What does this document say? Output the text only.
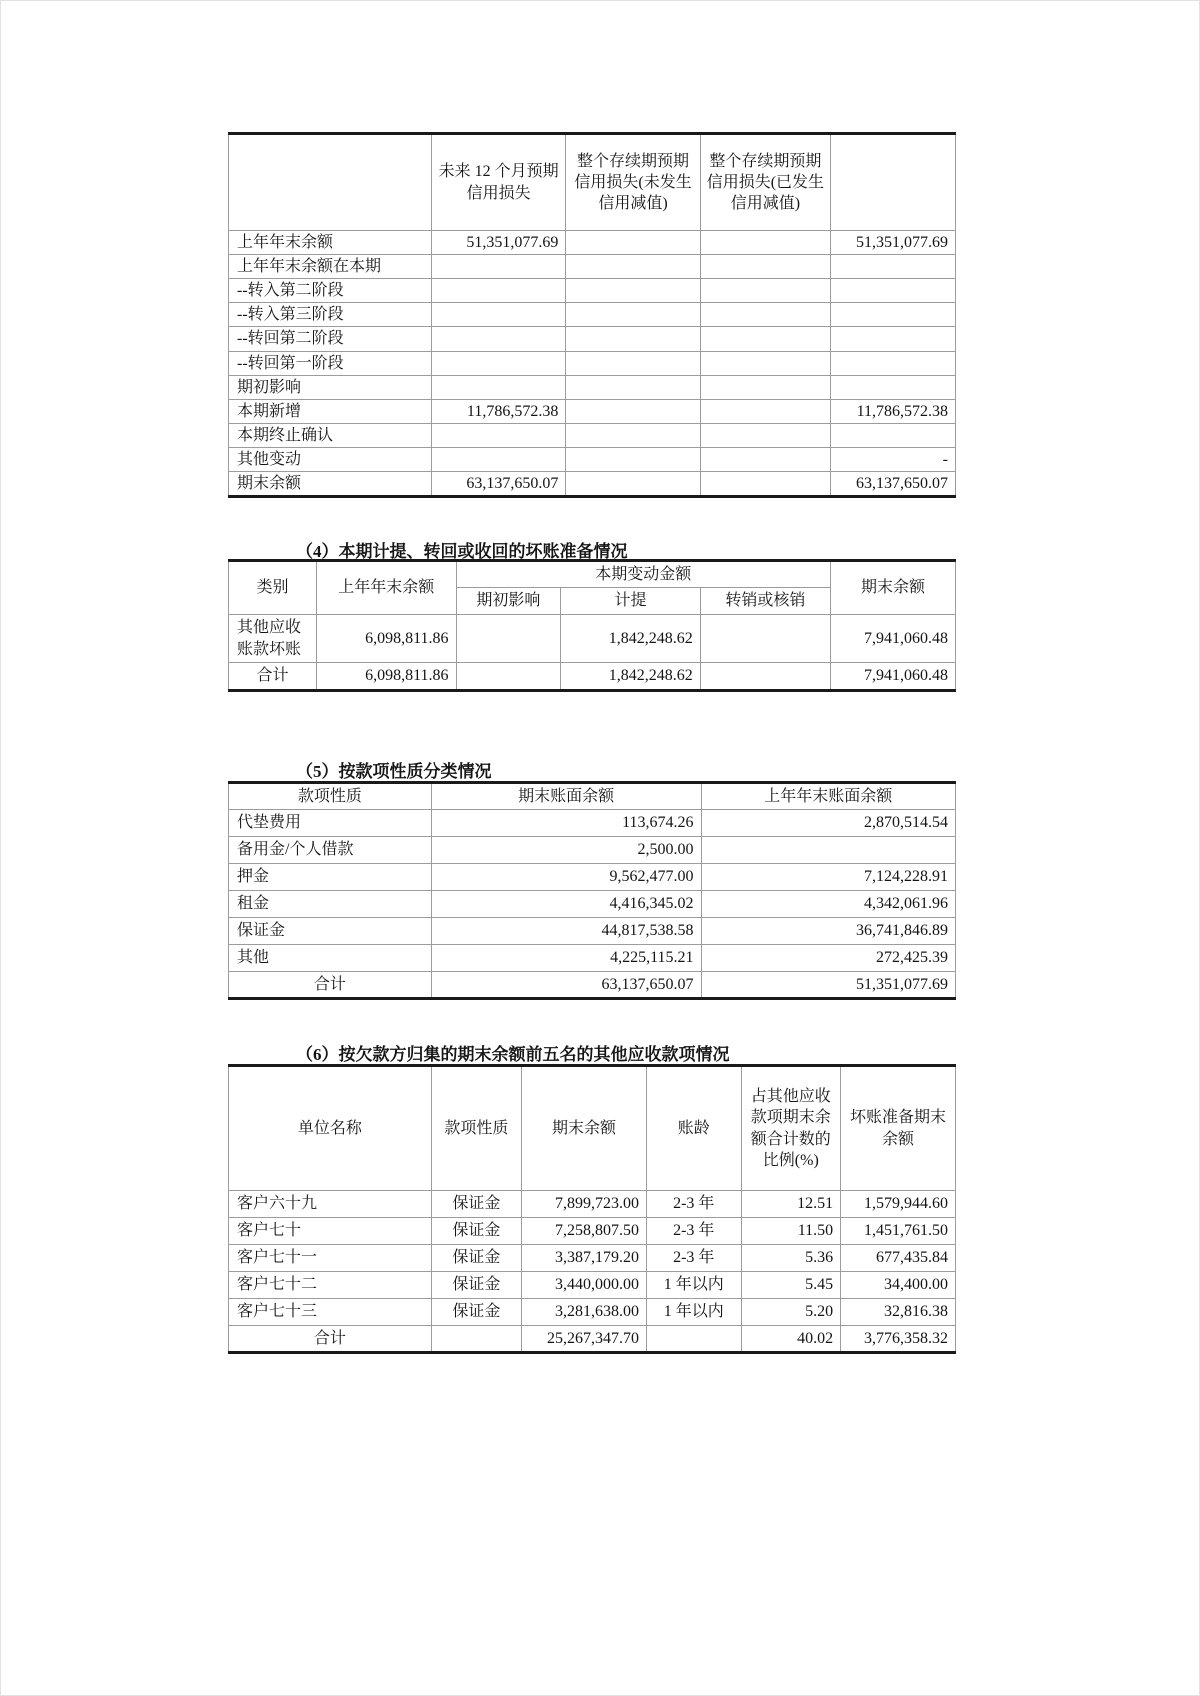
	未来 12 个月预期信用损失	整个存续期预期信用损失(未发生信用减值)	整个存续期预期信用损失(已发生信用减值)	
上年年末余额	51,351,077.69			51,351,077.69
上年年末余额在本期				
--转入第二阶段				
--转入第三阶段				
--转回第二阶段				
--转回第一阶段				
期初影响				
本期新增	11,786,572.38			11,786,572.38
本期终止确认				
其他变动				-
期末余额	63,137,650.07			63,137,650.07
（4）本期计提、转回或收回的坏账准备情况
类别	上年年末余额	本期变动金额			期末余额
		期初影响	计提	转销或核销	
其他应收账款坏账	6,098,811.86		1,842,248.62		7,941,060.48
合计	6,098,811.86		1,842,248.62		7,941,060.48
（5）按款项性质分类情况
款项性质	期末账面余额	上年年末账面余额
代垫费用	113,674.26	2,870,514.54
备用金/个人借款	2,500.00	
押金	9,562,477.00	7,124,228.91
租金	4,416,345.02	4,342,061.96
保证金	44,817,538.58	36,741,846.89
其他	4,225,115.21	272,425.39
合计	63,137,650.07	51,351,077.69
（6）按欠款方归集的期末余额前五名的其他应收款项情况
单位名称	款项性质	期末余额	账龄	占其他应收款项期末余额合计数的比例(%)	坏账准备期末余额
客户六十九	保证金	7,899,723.00	2-3 年	12.51	1,579,944.60
客户七十	保证金	7,258,807.50	2-3 年	11.50	1,451,761.50
客户七十一	保证金	3,387,179.20	2-3 年	5.36	677,435.84
客户七十二	保证金	3,440,000.00	1 年以内	5.45	34,400.00
客户七十三	保证金	3,281,638.00	1 年以内	5.20	32,816.38
合计		25,267,347.70		40.02	3,776,358.32
